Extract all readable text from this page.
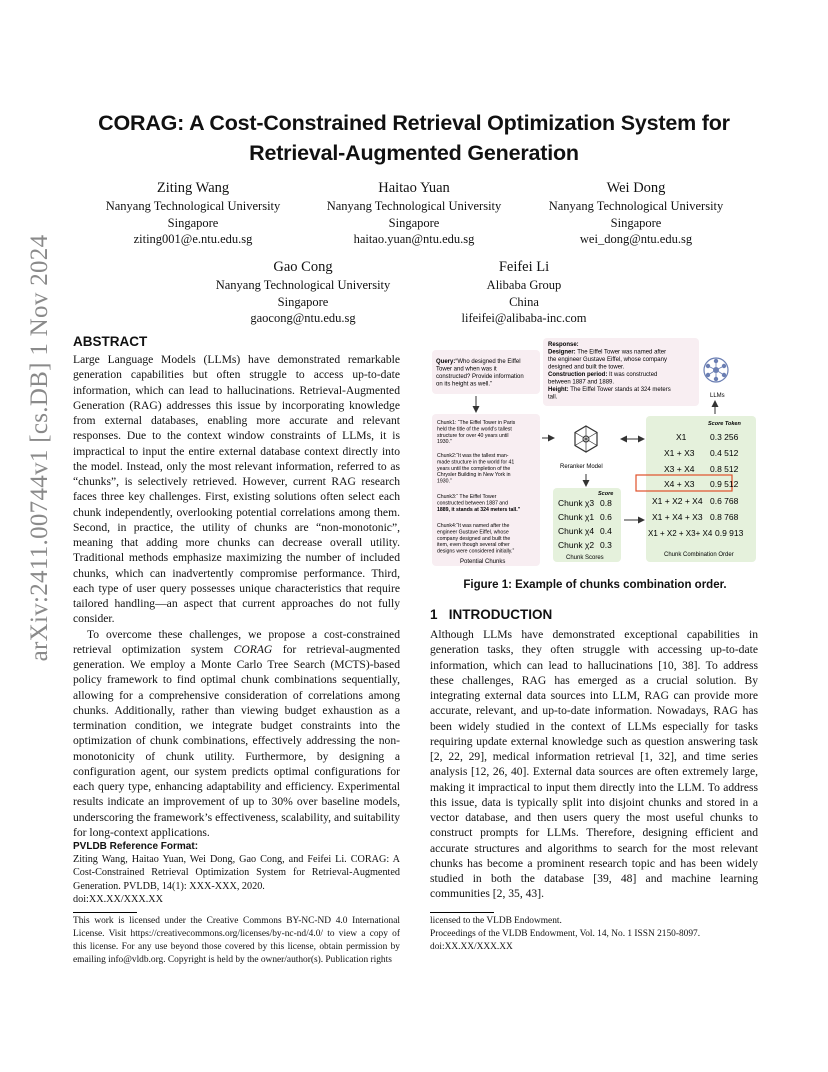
arXiv:2411.00744v1 [cs.DB] 1 Nov 2024
CORAG: A Cost-Constrained Retrieval Optimization System for
Retrieval-Augmented Generation
Ziting Wang
Nanyang Technological University
Singapore
ziting001@e.ntu.edu.sg
Haitao Yuan
Nanyang Technological University
Singapore
haitao.yuan@ntu.edu.sg
Wei Dong
Nanyang Technological University
Singapore
wei_dong@ntu.edu.sg
Gao Cong
Nanyang Technological University
Singapore
gaocong@ntu.edu.sg
Feifei Li
Alibaba Group
China
lifeifei@alibaba-inc.com
ABSTRACT

Large Language Models (LLMs) have demonstrated remarkable generation capabilities but often struggle to access up-to-date information, which can lead to hallucinations. Retrieval-Augmented Generation (RAG) addresses this issue by incorporating knowledge from external databases, enabling more accurate and relevant responses. Due to the context window constraints of LLMs, it is impractical to input the entire external database context directly into the model. Instead, only the most relevant information, referred to as “chunks”, is selectively retrieved. However, current RAG research faces three key challenges. First, existing solutions often select each chunk independently, overlooking potential correlations among them. Second, in practice, the utility of chunks are “non-monotonic”, meaning that adding more chunks can decrease overall utility. Traditional methods emphasize maximizing the number of included chunks, which can inadvertently compromise performance. Third, each type of user query possesses unique characteristics that require tailored handling—an aspect that current approaches do not fully consider.

To overcome these challenges, we propose a cost-constrained retrieval optimization system CORAG for retrieval-augmented generation. We employ a Monte Carlo Tree Search (MCTS)-based policy framework to find optimal chunk combinations sequentially, allowing for a comprehensive consideration of correlations among chunks. Additionally, rather than viewing budget exhaustion as a termination condition, we integrate budget constraints into the optimization of chunk combinations, effectively addressing the non-monotonicity of chunk utility. Furthermore, by designing a configuration agent, our system predicts optimal configurations for each query type, enhancing adaptability and efficiency. Experimental results indicate an improvement of up to 30% over baseline models, underscoring the framework’s effectiveness, scalability, and suitability for long-context applications.

PVLDB Reference Format:
Ziting Wang, Haitao Yuan, Wei Dong, Gao Cong, and Feifei Li. CORAG: A Cost-Constrained Retrieval Optimization System for Retrieval-Augmented Generation. PVLDB, 14(1): XXX-XXX, 2020.
doi:XX.XX/XXX.XX
This work is licensed under the Creative Commons BY-NC-ND 4.0 International License. Visit https://creativecommons.org/licenses/by-nc-nd/4.0/ to view a copy of this license. For any use beyond those covered by this license, obtain permission by emailing info@vldb.org. Copyright is held by the owner/author(s). Publication rights
Query:“Who designed the Eiffel Tower and when was it constructed? Provide information on its height as well.”
Response:
Designer: The Eiffel Tower was named after the engineer Gustave Eiffel, whose company designed and built the tower. Construction period: It was constructed between 1887 and 1889. Height: The Eiffel Tower stands at 324 meters tall.	LLMs
Chunk1: “The Eiffel Tower in Paris held the title of the world's tallest structure for over 40 years until 1930.”
Chunk2:“It was the tallest man- made structure in the world for 41 years until the completion of the Chrysler Building in New York in 1930.”
Chunk3:“ The Eiffel Tower constructed between 1887 and 1889, it stands at 324 meters tall.”
Chunk4:“It was named after the engineer Gustave Eiffel, whose company designed and built the item, even though several other designs were considered initially.”
Potential Chunks
Reranker Model
Score
Chunk χ3 0.8
Chunk χ1 0.6
Chunk χ4 0.4
Chunk χ2 0.3
Chunk Scores
Score Token
X1	0.3 256
X1 + X3 0.4 512
X3 + X4 0.8 512
X4 + X3 0.9 512
X1 + X2 + X4 0.6 768
X1 + X4 + X3 0.8 768
X1 + X2 + X3+ X4 0.9 913
Chunk Combination Order
Figure 1: Example of chunks combination order.
1 INTRODUCTION
Although LLMs have demonstrated exceptional capabilities in generation tasks, they often struggle with accessing up-to-date information, which can lead to hallucinations [10, 38]. To address these challenges, RAG has emerged as a crucial solution. By integrating external data sources into LLM, RAG can provide more accurate, relevant, and up-to-date information. Nowadays, RAG has been widely studied in the context of LLMs especially for tasks requiring update external knowledge such as question answering task [2, 22, 29], medical information retrieval [1, 32], and time series analysis [12, 26, 40]. External data sources are often extremely large, making it impractical to input them directly into the LLM. To address this issue, data is typically split into disjoint chunks and stored in a vector database, and then users query the most useful chunks to construct prompts for LLMs. Therefore, designing efficient and accurate structures and algorithms to search for the most relevant chunks has become a prominent research topic and has been widely studied in both the database [39, 48] and machine learning communities [2, 35, 43].
licensed to the VLDB Endowment.
Proceedings of the VLDB Endowment, Vol. 14, No. 1 ISSN 2150-8097.
doi:XX.XX/XXX.XX
